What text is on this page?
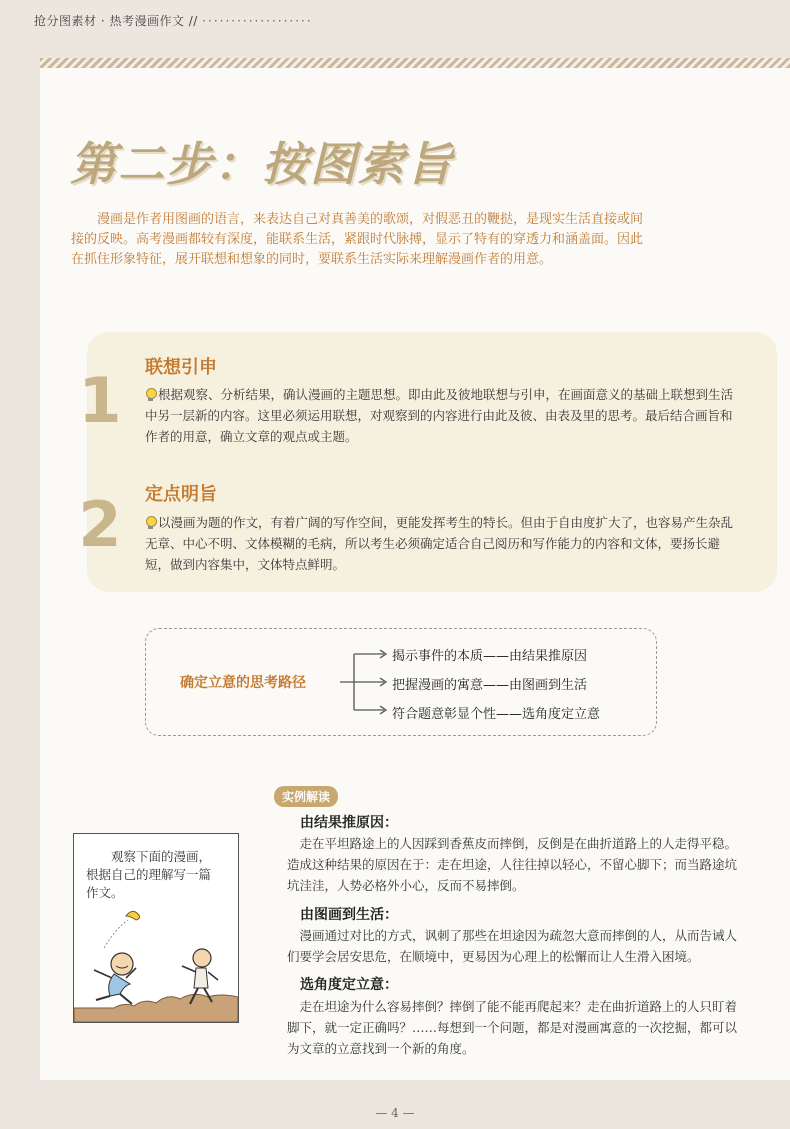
抢分图素材 · 热考漫画作文 // ···················
第二步：按图索旨

漫画是作者用图画的语言，来表达自己对真善美的歌颂，对假恶丑的鞭挞，是现实生活直接或间接的反映。高考漫画都较有深度，能联系生活，紧跟时代脉搏，显示了特有的穿透力和涵盖面。因此在抓住形象特征，展开联想和想象的同时，要联系生活实际来理解漫画作者的用意。

1	联想引申
根据观察、分析结果，确认漫画的主题思想。即由此及彼地联想与引申，在画面意义的基础上联想到生活中另一层新的内容。这里必须运用联想，对观察到的内容进行由此及彼、由表及里的思考。最后结合画旨和作者的用意，确立文章的观点或主题。
2	定点明旨
以漫画为题的作文，有着广阔的写作空间，更能发挥考生的特长。但由于自由度扩大了，也容易产生杂乱无章、中心不明、文体模糊的毛病，所以考生必须确定适合自己阅历和写作能力的内容和文体，要扬长避短，做到内容集中，文体特点鲜明。
确定立意的思考路径
揭示事件的本质——由结果推原因
把握漫画的寓意——由图画到生活
符合题意彰显个性——选角度定立意
实例解读
观察下面的漫画，
根据自己的理解写一篇
作文。
由结果推原因：

走在平坦路途上的人因踩到香蕉皮而摔倒，反倒是在曲折道路上的人走得平稳。造成这种结果的原因在于：走在坦途，人往往掉以轻心，不留心脚下；而当路途坑坑洼洼，人势必格外小心，反而不易摔倒。

由图画到生活：

漫画通过对比的方式，讽刺了那些在坦途因为疏忽大意而摔倒的人，从而告诫人们要学会居安思危，在顺境中，更易因为心理上的松懈而让人生滑入困境。

选角度定立意：

走在坦途为什么容易摔倒？摔倒了能不能再爬起来？走在曲折道路上的人只盯着脚下，就一定正确吗？……每想到一个问题，都是对漫画寓意的一次挖掘，都可以为文章的立意找到一个新的角度。

— 4 —
